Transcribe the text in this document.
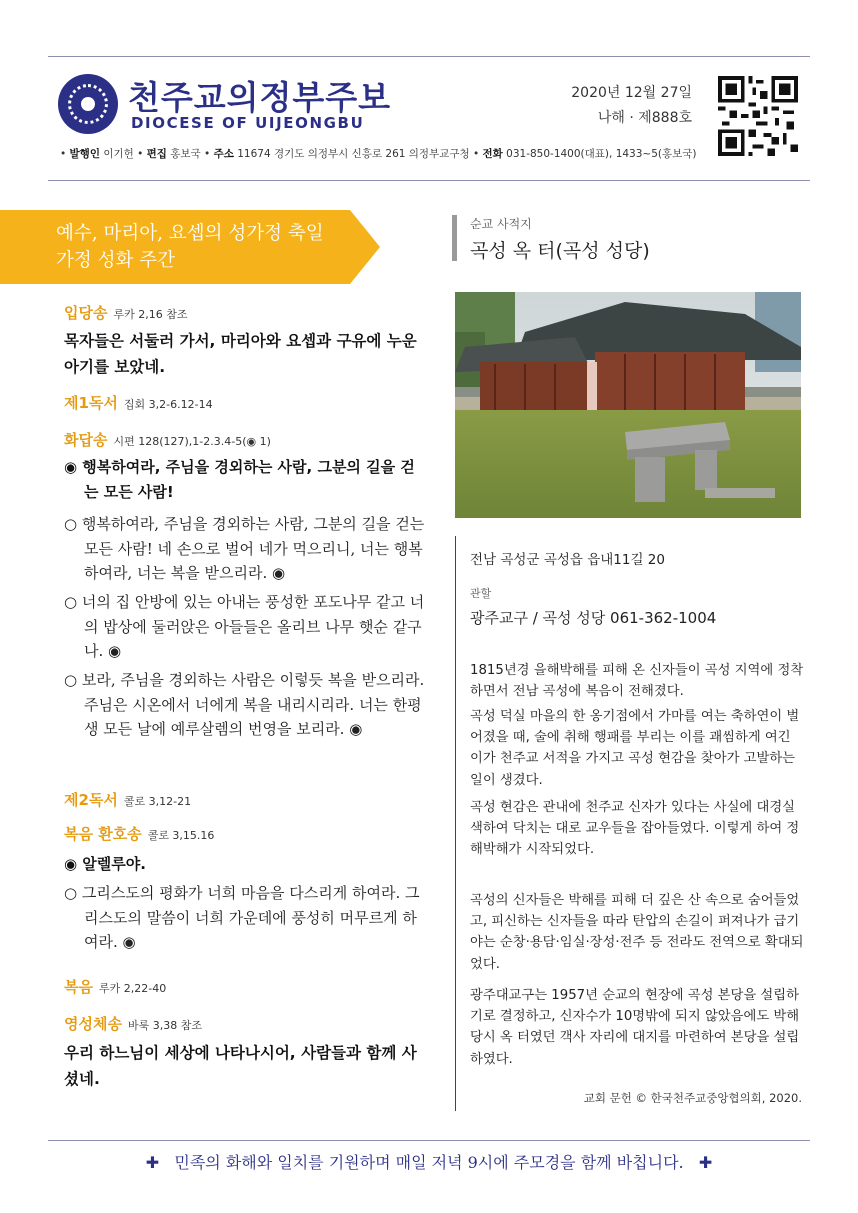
천주교의정부주보
DIOCESE OF UIJEONGBU
2020년 12월 27일
나해 · 제888호
• 발행인 이기헌 • 편집 홍보국 • 주소 11674 경기도 의정부시 신흥로 261 의정부교구청 • 전화 031-850-1400(대표), 1433~5(홍보국)
예수, 마리아, 요셉의 성가정 축일
가정 성화 주간
입당송 루카 2,16 참조
목자들은 서둘러 가서, 마리아와 요셉과 구유에 누운 아기를 보았네.
제1독서 집회 3,2-6.12-14
화답송 시편 128(127),1-2.3.4-5(◉ 1)
◉ 행복하여라, 주님을 경외하는 사람, 그분의 길을 걷는 모든 사람!
○ 행복하여라, 주님을 경외하는 사람, 그분의 길을 걷는 모든 사람! 네 손으로 벌어 네가 먹으리니, 너는 행복하여라, 너는 복을 받으리라. ◉
○ 너의 집 안방에 있는 아내는 풍성한 포도나무 같고 너의 밥상에 둘러앉은 아들들은 올리브 나무 햇순 같구나. ◉
○ 보라, 주님을 경외하는 사람은 이렇듯 복을 받으리라. 주님은 시온에서 너에게 복을 내리시리라. 너는 한평생 모든 날에 예루살렘의 번영을 보리라. ◉
제2독서 콜로 3,12-21
복음 환호송 콜로 3,15.16
◉ 알렐루야.
○ 그리스도의 평화가 너희 마음을 다스리게 하여라. 그리스도의 말씀이 너희 가운데에 풍성히 머무르게 하여라. ◉
복음 루카 2,22-40
영성체송 바룩 3,38 참조
우리 하느님이 세상에 나타나시어, 사람들과 함께 사셨네.
순교 사적지
곡성 옥 터(곡성 성당)
전남 곡성군 곡성읍 읍내11길 20
관할
광주교구 / 곡성 성당 061-362-1004
1815년경 을해박해를 피해 온 신자들이 곡성 지역에 정착하면서 전남 곡성에 복음이 전해졌다.
곡성 덕실 마을의 한 옹기점에서 가마를 여는 축하연이 벌어졌을 때, 술에 취해 행패를 부리는 이를 괘씸하게 여긴 이가 천주교 서적을 가지고 곡성 현감을 찾아가 고발하는 일이 생겼다.
곡성 현감은 관내에 천주교 신자가 있다는 사실에 대경실색하여 닥치는 대로 교우들을 잡아들였다. 이렇게 하여 정해박해가 시작되었다.
곡성의 신자들은 박해를 피해 더 깊은 산 속으로 숨어들었고, 피신하는 신자들을 따라 탄압의 손길이 퍼져나가 급기야는 순창·용담·임실·장성·전주 등 전라도 전역으로 확대되었다.
광주대교구는 1957년 순교의 현장에 곡성 본당을 설립하기로 결정하고, 신자수가 10명밖에 되지 않았음에도 박해 당시 옥 터였던 객사 자리에 대지를 마련하여 본당을 설립하였다.
교회 문헌 © 한국천주교중앙협의회, 2020.
✚ 민족의 화해와 일치를 기원하며 매일 저녁 9시에 주모경을 함께 바칩니다. ✚
